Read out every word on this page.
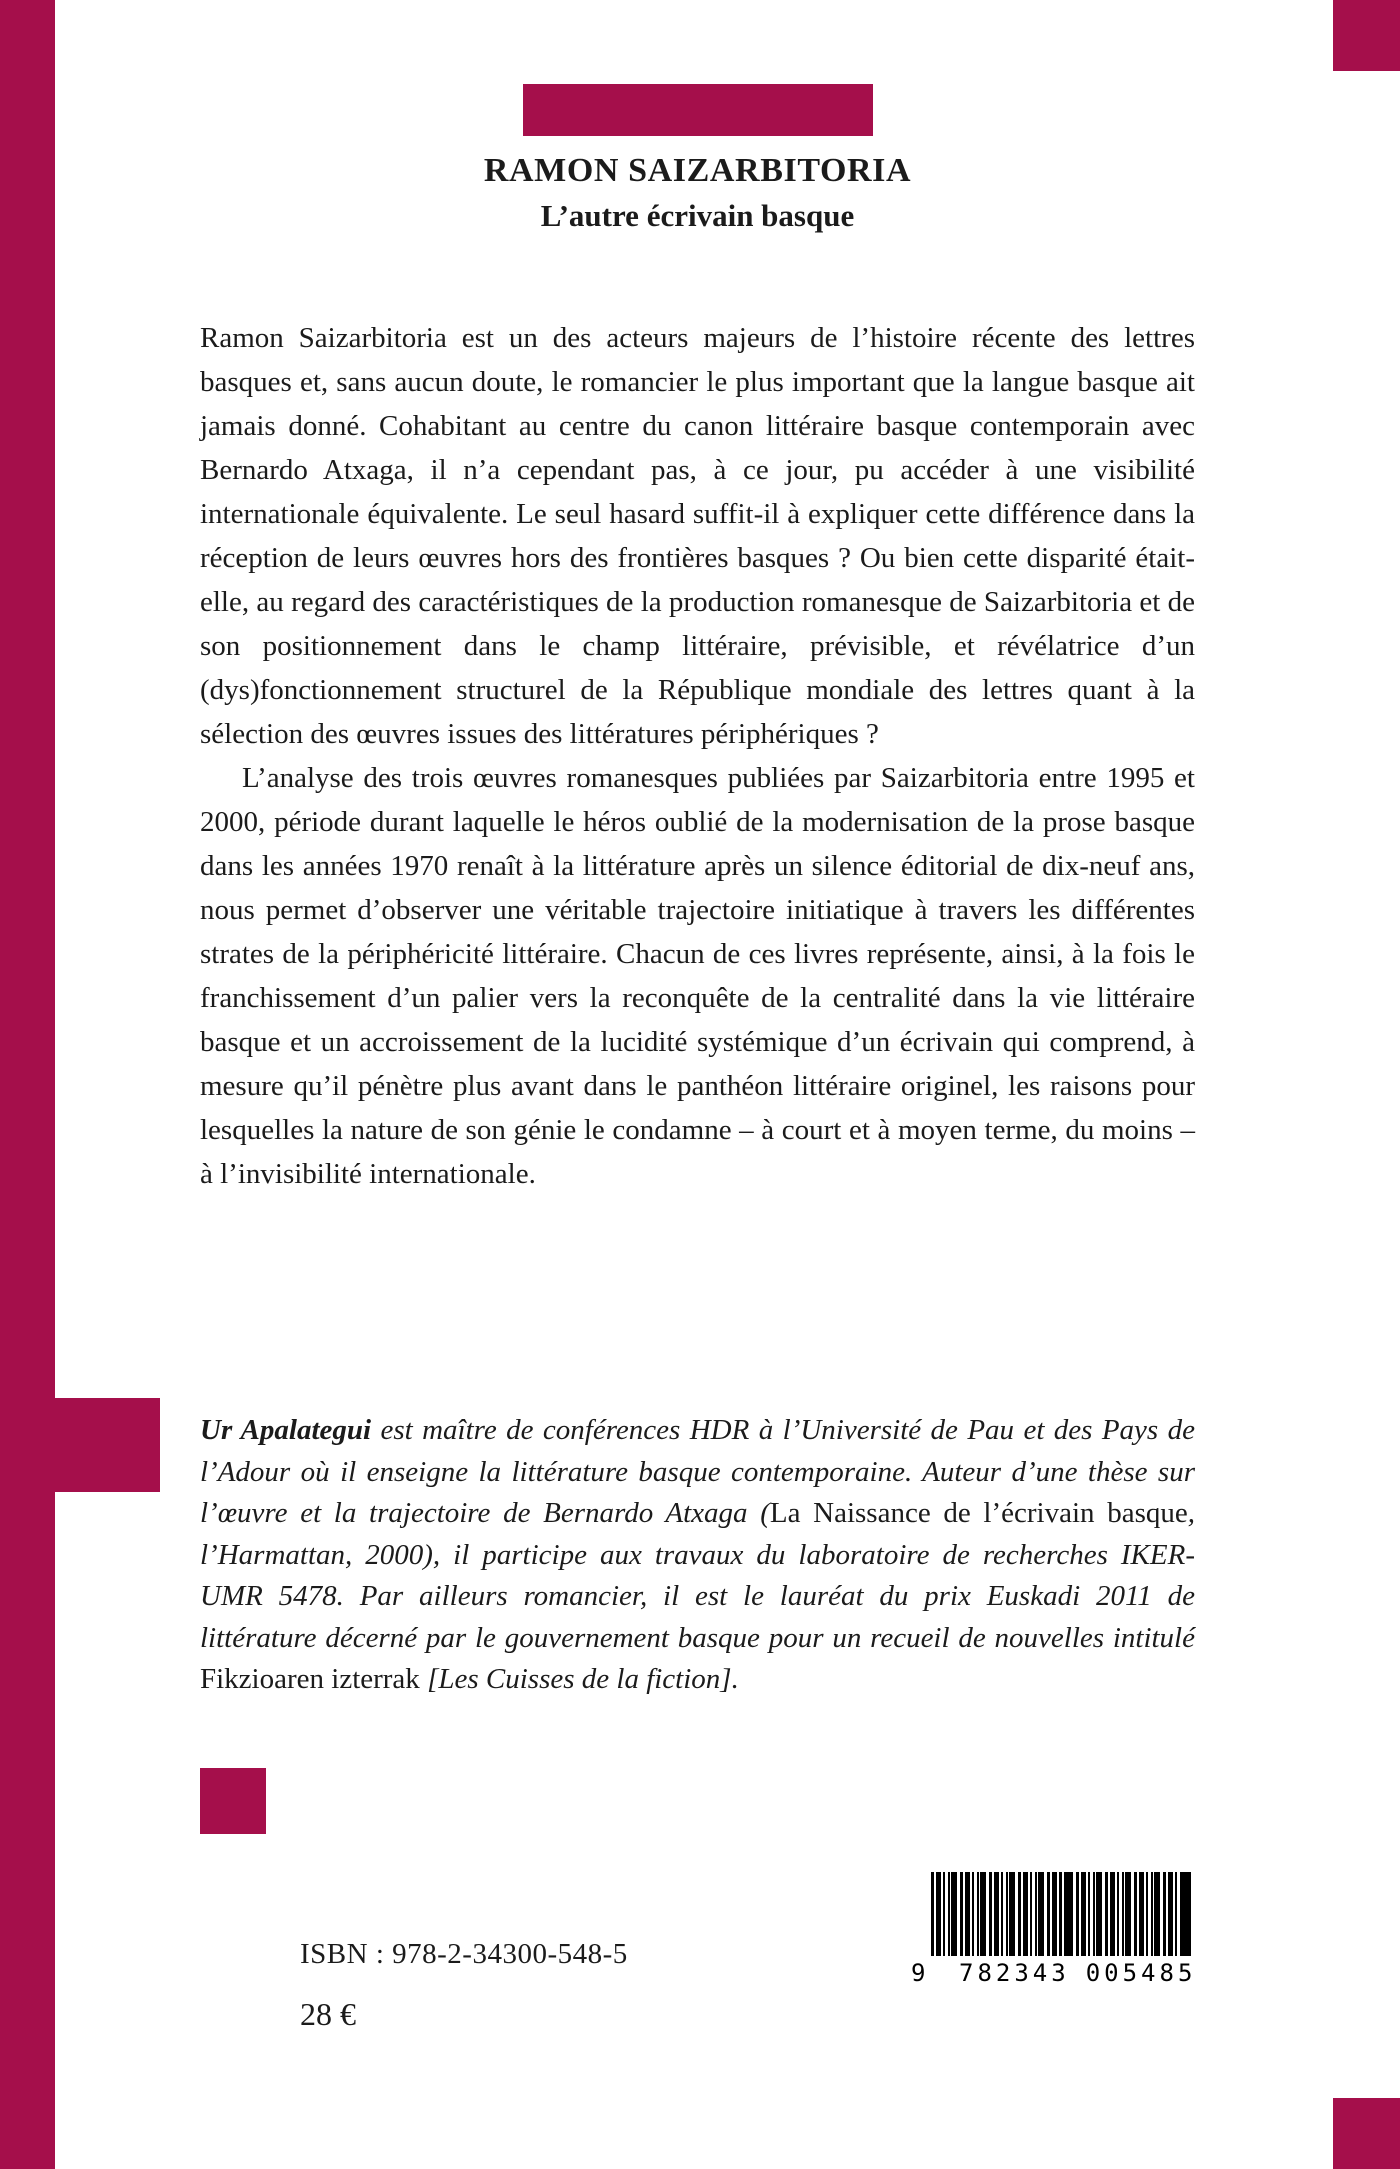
RAMON SAIZARBITORIA
L’autre écrivain basque

Ramon Saizarbitoria est un des acteurs majeurs de l’histoire récente des lettres basques et, sans aucun doute, le romancier le plus important que la langue basque ait jamais donné. Cohabitant au centre du canon littéraire basque contemporain avec Bernardo Atxaga, il n’a cependant pas, à ce jour, pu accéder à une visibilité internationale équivalente. Le seul hasard suffit-il à expliquer cette différence dans la réception de leurs œuvres hors des frontières basques ? Ou bien cette disparité était-elle, au regard des caractéristiques de la production romanesque de Saizarbitoria et de son positionnement dans le champ littéraire, prévisible, et révélatrice d’un (dys)fonctionnement structurel de la République mondiale des lettres quant à la sélection des œuvres issues des littératures périphériques ?

L’analyse des trois œuvres romanesques publiées par Saizarbitoria entre 1995 et 2000, période durant laquelle le héros oublié de la modernisation de la prose basque dans les années 1970 renaît à la littérature après un silence éditorial de dix-neuf ans, nous permet d’observer une véritable trajectoire initiatique à travers les différentes strates de la périphéricité littéraire. Chacun de ces livres représente, ainsi, à la fois le franchissement d’un palier vers la reconquête de la centralité dans la vie littéraire basque et un accroissement de la lucidité systémique d’un écrivain qui comprend, à mesure qu’il pénètre plus avant dans le panthéon littéraire originel, les raisons pour lesquelles la nature de son génie le condamne – à court et à moyen terme, du moins – à l’invisibilité internationale.

Ur Apalategui est maître de conférences HDR à l’Université de Pau et des Pays de l’Adour où il enseigne la littérature basque contemporaine. Auteur d’une thèse sur l’œuvre et la trajectoire de Bernardo Atxaga (La Naissance de l’écrivain basque, l’Harmattan, 2000), il participe aux travaux du laboratoire de recherches IKER-UMR 5478. Par ailleurs romancier, il est le lauréat du prix Euskadi 2011 de littérature décerné par le gouvernement basque pour un recueil de nouvelles intitulé Fikzioaren izterrak [Les Cuisses de la fiction].
ISBN : 978-2-34300-548-5
28 €
9	782343 005485
